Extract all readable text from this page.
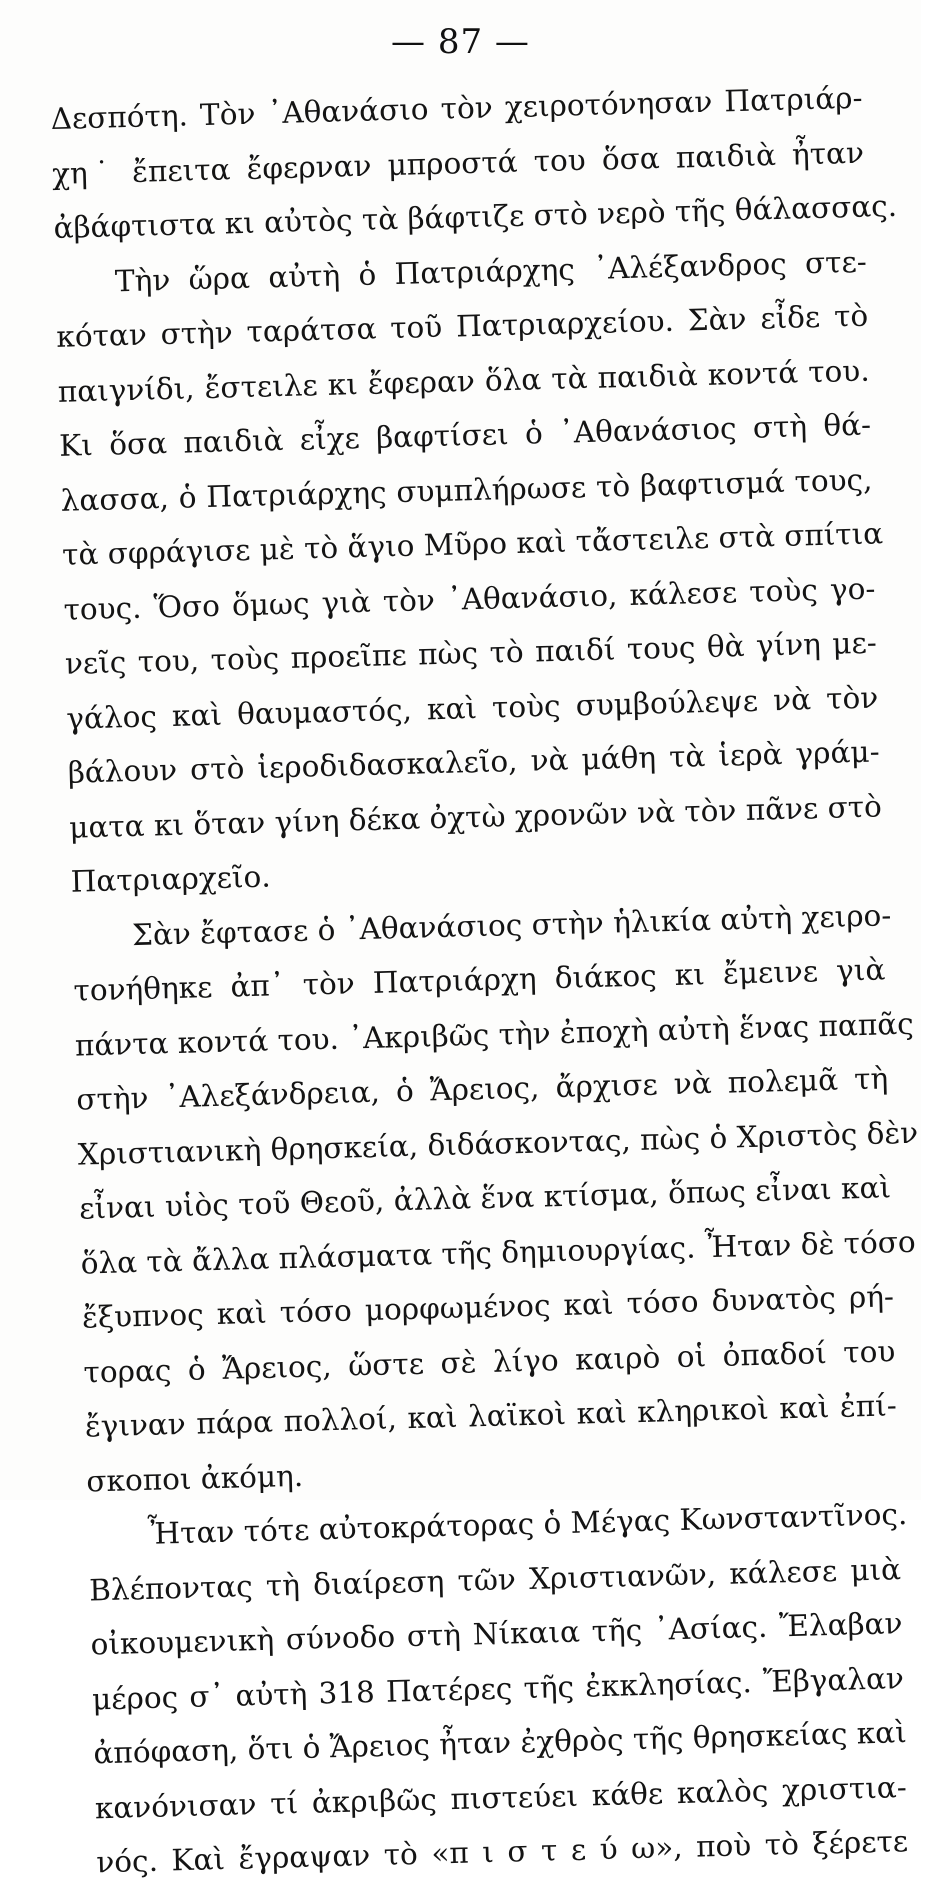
— 87 —
Δεσπότη. Τὸν ᾿Αθανάσιο τὸν χειροτόνησαν Πατριάρ-
χη˙ ἔπειτα ἔφερναν μπροστά του ὅσα παιδιὰ ἦταν
ἀβάφτιστα κι αὐτὸς τὰ βάφτιζε στὸ νερὸ τῆς θάλασσας.
Τὴν ὥρα αὐτὴ ὁ Πατριάρχης ᾿Αλέξανδρος στε-
κόταν στὴν ταράτσα τοῦ Πατριαρχείου. Σὰν εἶδε τὸ
παιγνίδι, ἔστειλε κι ἔφεραν ὅλα τὰ παιδιὰ κοντά του.
Κι ὅσα παιδιὰ εἶχε βαφτίσει ὁ ᾿Αθανάσιος στὴ θά-
λασσα, ὁ Πατριάρχης συμπλήρωσε τὸ βαφτισμά τους,
τὰ σφράγισε μὲ τὸ ἅγιο Μῦρο καὶ τἄστειλε στὰ σπίτια
τους. Ὅσο ὅμως γιὰ τὸν ᾿Αθανάσιο, κάλεσε τοὺς γο-
νεῖς του, τοὺς προεῖπε πὼς τὸ παιδί τους θὰ γίνη με-
γάλος καὶ θαυμαστός, καὶ τοὺς συμβούλεψε νὰ τὸν
βάλουν στὸ ἱεροδιδασκαλεῖο, νὰ μάθη τὰ ἱερὰ γράμ-
ματα κι ὅταν γίνη δέκα ὀχτὼ χρονῶν νὰ τὸν πᾶνε στὸ
Πατριαρχεῖο.
Σὰν ἔφτασε ὁ ᾿Αθανάσιος στὴν ἡλικία αὐτὴ χειρο-
τονήθηκε ἀπ᾿ τὸν Πατριάρχη διάκος κι ἔμεινε γιὰ
πάντα κοντά του. ᾿Ακριβῶς τὴν ἐποχὴ αὐτὴ ἕνας παπᾶς
στὴν ᾿Αλεξάνδρεια, ὁ Ἄρειος, ἄρχισε νὰ πολεμᾶ τὴ
Χριστιανικὴ θρησκεία, διδάσκοντας, πὼς ὁ Χριστὸς δὲν
εἶναι υἱὸς τοῦ Θεοῦ, ἀλλὰ ἕνα κτίσμα, ὅπως εἶναι καὶ
ὅλα τὰ ἄλλα πλάσματα τῆς δημιουργίας. Ἦταν δὲ τόσο
ἔξυπνος καὶ τόσο μορφωμένος καὶ τόσο δυνατὸς ρή-
τορας ὁ Ἄρειος, ὥστε σὲ λίγο καιρὸ οἱ ὀπαδοί του
ἔγιναν πάρα πολλοί, καὶ λαϊκοὶ καὶ κληρικοὶ καὶ ἐπί-
σκοποι ἀκόμη.
Ἦταν τότε αὐτοκράτορας ὁ Μέγας Κωνσταντῖνος.
Βλέποντας τὴ διαίρεση τῶν Χριστιανῶν, κάλεσε μιὰ
οἰκουμενικὴ σύνοδο στὴ Νίκαια τῆς ᾿Ασίας. Ἔλαβαν
μέρος σ᾿ αὐτὴ 318 Πατέρες τῆς ἐκκλησίας. Ἔβγαλαν
ἀπόφαση, ὅτι ὁ Ἄρειος ἦταν ἐχθρὸς τῆς θρησκείας καὶ
κανόνισαν τί ἀκριβῶς πιστεύει κάθε καλὸς χριστια-
νός. Καὶ ἔγραψαν τὸ «π ι σ τ ε ύ ω», ποὺ τὸ ξέρετε
